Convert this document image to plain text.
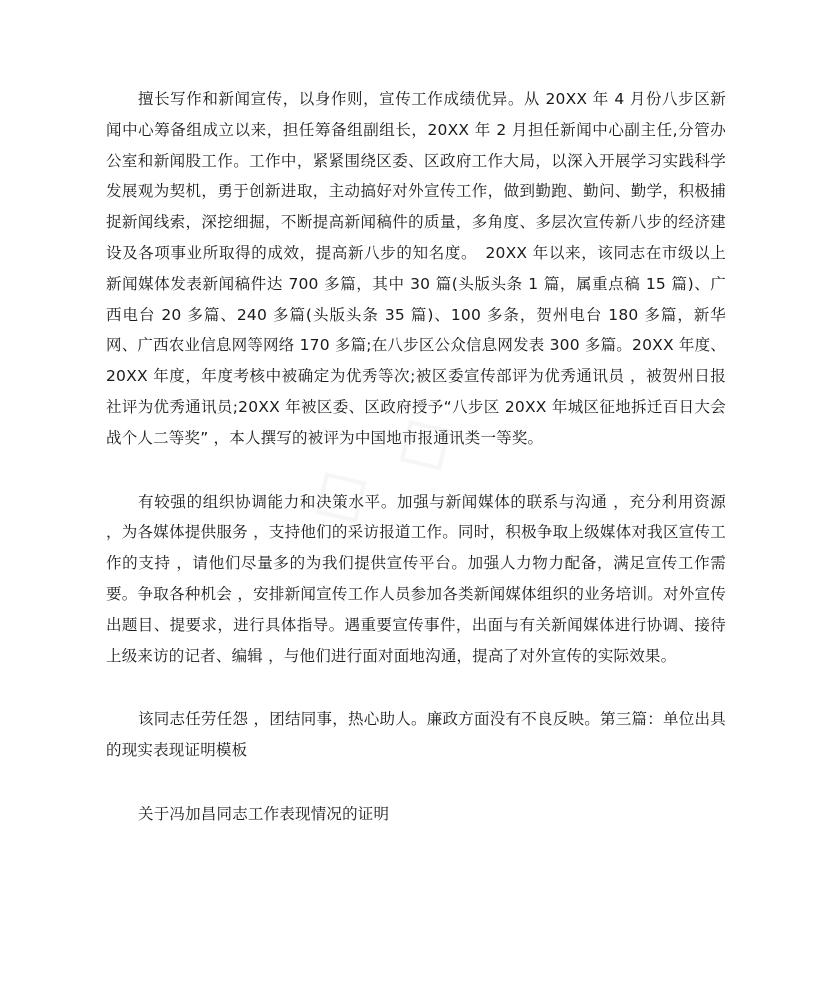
擅长写作和新闻宣传，以身作则，宣传工作成绩优异。从 20XX 年 4 月份八步区新闻中心筹备组成立以来，担任筹备组副组长，20XX 年 2 月担任新闻中心副主任,分管办公室和新闻股工作。工作中，紧紧围绕区委、区政府工作大局，以深入开展学习实践科学发展观为契机，勇于创新进取，主动搞好对外宣传工作，做到勤跑、勤问、勤学，积极捕捉新闻线索，深挖细掘，不断提高新闻稿件的质量，多角度、多层次宣传新八步的经济建设及各项事业所取得的成效，提高新八步的知名度。　20XX 年以来，该同志在市级以上新闻媒体发表新闻稿件达 700 多篇，其中 30 篇(头版头条 1 篇，属重点稿 15 篇)、广西电台 20 多篇、240 多篇(头版头条 35 篇)、100 多条，贺州电台 180 多篇，新华网、广西农业信息网等网络 170 多篇;在八步区公众信息网发表 300 多篇。20XX 年度、 20XX 年度，年度考核中被确定为优秀等次;被区委宣传部评为优秀通讯员 ，被贺州日报社评为优秀通讯员;20XX 年被区委、区政府授予“八步区 20XX 年城区征地拆迁百日大会战个人二等奖” ，本人撰写的被评为中国地市报通讯类一等奖。

有较强的组织协调能力和决策水平。加强与新闻媒体的联系与沟通 ，充分利用资源 ，为各媒体提供服务 ，支持他们的采访报道工作。同时，积极争取上级媒体对我区宣传工作的支持 ，请他们尽量多的为我们提供宣传平台。加强人力物力配备，满足宣传工作需要。争取各种机会 ，安排新闻宣传工作人员参加各类新闻媒体组织的业务培训。对外宣传出题目、提要求，进行具体指导。遇重要宣传事件，出面与有关新闻媒体进行协调、接待上级来访的记者、编辑 ，与他们进行面对面地沟通，提高了对外宣传的实际效果。

该同志任劳任怨 ，团结同事，热心助人。廉政方面没有不良反映。第三篇：单位出具的现实表现证明模板

关于冯加昌同志工作表现情况的证明
